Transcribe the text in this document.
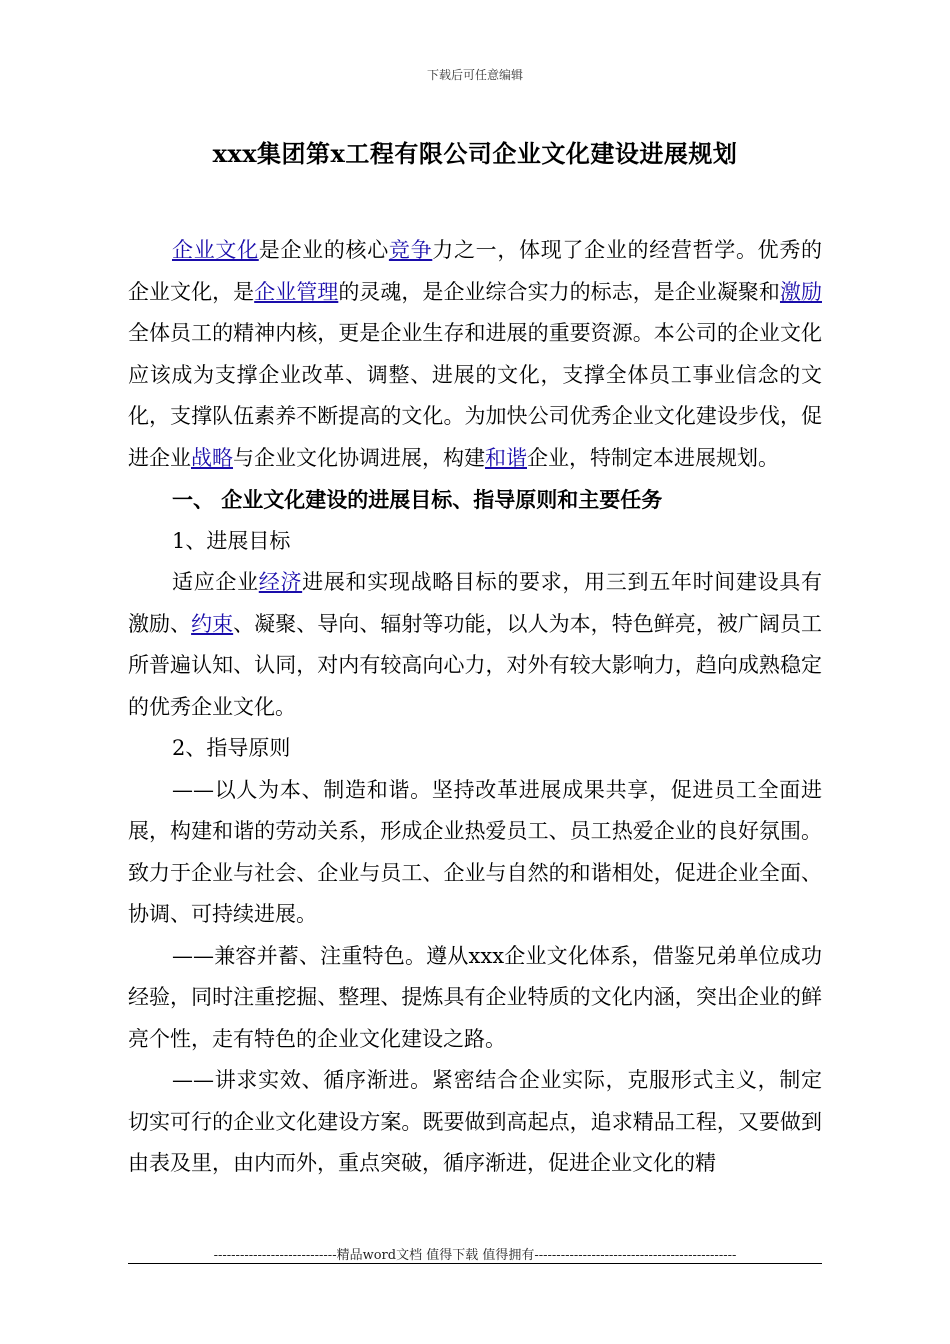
下载后可任意编辑
xxx集团第x工程有限公司企业文化建设进展规划

企业文化是企业的核心竞争力之一，体现了企业的经营哲学。优秀的企业文化，是企业管理的灵魂，是企业综合实力的标志，是企业凝聚和激励全体员工的精神内核，更是企业生存和进展的重要资源。本公司的企业文化应该成为支撑企业改革、调整、进展的文化，支撑全体员工事业信念的文化，支撑队伍素养不断提高的文化。为加快公司优秀企业文化建设步伐，促进企业战略与企业文化协调进展，构建和谐企业，特制定本进展规划。

一、 企业文化建设的进展目标、指导原则和主要任务

1、进展目标

适应企业经济进展和实现战略目标的要求，用三到五年时间建设具有激励、约束、凝聚、导向、辐射等功能，以人为本，特色鲜亮，被广阔员工所普遍认知、认同，对内有较高向心力，对外有较大影响力，趋向成熟稳定的优秀企业文化。

2、指导原则

——以人为本、制造和谐。坚持改革进展成果共享，促进员工全面进展，构建和谐的劳动关系，形成企业热爱员工、员工热爱企业的良好氛围。致力于企业与社会、企业与员工、企业与自然的和谐相处，促进企业全面、协调、可持续进展。

——兼容并蓄、注重特色。遵从xxx企业文化体系，借鉴兄弟单位成功经验，同时注重挖掘、整理、提炼具有企业特质的文化内涵，突出企业的鲜亮个性，走有特色的企业文化建设之路。

——讲求实效、循序渐进。紧密结合企业实际，克服形式主义，制定切实可行的企业文化建设方案。既要做到高起点，追求精品工程，又要做到由表及里，由内而外，重点突破，循序渐进，促进企业文化的精

----------------------------精品word文档 值得下载 值得拥有----------------------------------------------
